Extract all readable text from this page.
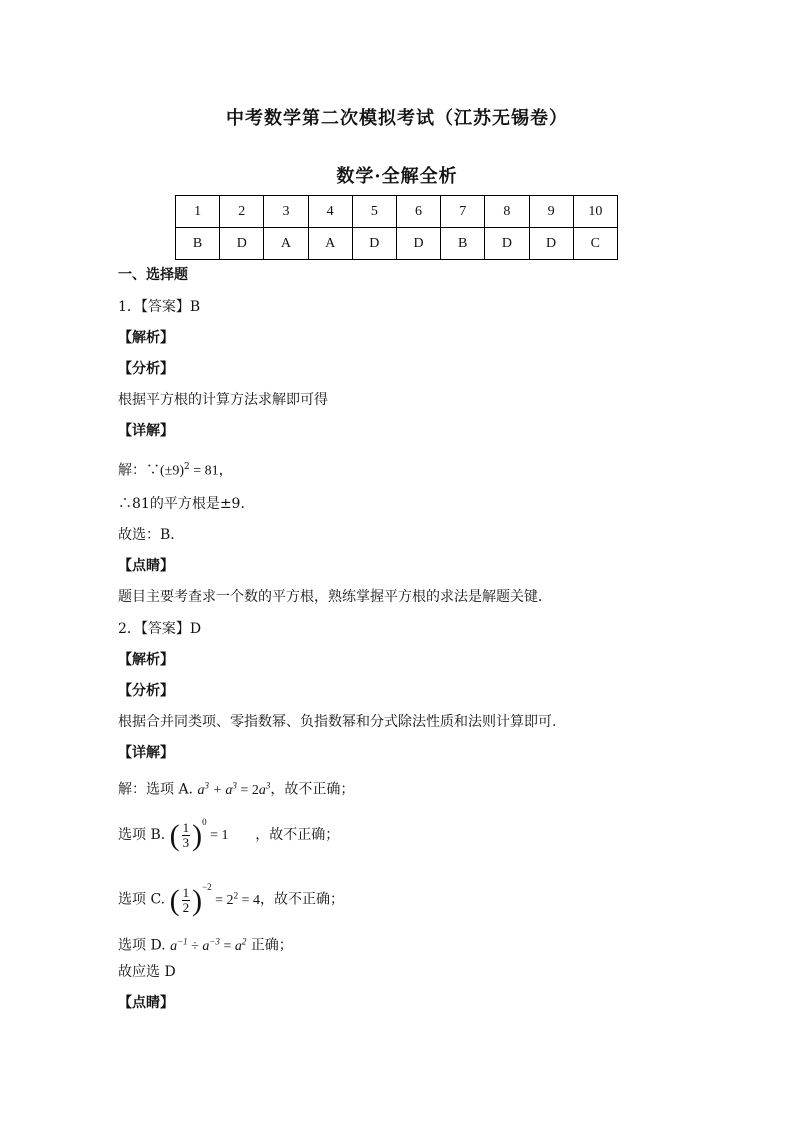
中考数学第二次模拟考试（江苏无锡卷）
数学·全解全析
1	2	3	4	5	6	7	8	9	10
B	D	A	A	D	D	B	D	D	C
一、选择题
1．【答案】B
【解析】
【分析】
根据平方根的计算方法求解即可得
【详解】
解：$\because(\pm 9)^2 = 81$，
∴81的平方根是±9．
故选：B．
【点睛】
题目主要考查求一个数的平方根，熟练掌握平方根的求法是解题关键．
2．【答案】D
【解析】
【分析】
根据合并同类项、零指数幂、负指数幂和分式除法性质和法则计算即可.
【详解】
解：选项 A. $a^3 + a^3 = 2a^3$，故不正确；
选项 B. ( $\frac{1}{3} )^0 = 1$ ，故不正确；
选项 C. ( $\frac{1}{2} )^{-2} = 2^2 = 4$，故不正确；
选项 D. $a^{-1} \div a^{-3} = a^2$ 正确；
故应选 D
【点睛】
